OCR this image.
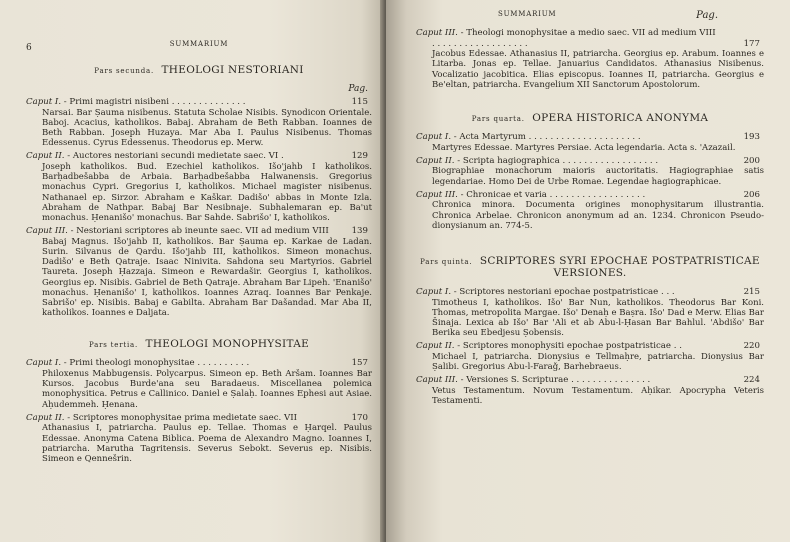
6	SUMMARIUM
Pars secunda. THEOLOGI NESTORIANI
Pag.
Caput I. - Primi magistri nisibeni . . . . . . . . . . . . . .	115
Narsai. Bar Ṣauma nisibenus. Statuta Scholae Nisibis. Synodicon Orientale. Baboj. Acacius, katholikos. Babaj. Abraham de Beth Rabban. Ioannes de Beth Rabban. Joseph Huzaya. Mar Aba I. Paulus Nisibenus. Thomas Edessenus. Cyrus Edessenus. Theodorus ep. Merw.
Caput II. - Auctores nestoriani secundi medietate saec. VI .	129
Joseph katholikos. Bud. Ezechiel katholikos. Išo'jahb I katholikos. Barḥadbešabba de Arbaia. Barḥadbešabba Halwanensis. Gregorius monachus Cypri. Gregorius I, katholikos. Michael magister nisibenus. Nathanael ep. Sirzor. Abraham e Kaškar. Dadišo' abbas in Monte Izla. Abraham de Nathpar. Babaj Bar Nesibnaje. Subhalemaran ep. Ba'ut monachus. Ḥenanišo' monachus. Bar Sahde. Sabrišo' I, katholikos.
Caput III. - Nestoriani scriptores ab ineunte saec. VII ad medium VIII	139
Babaj Magnus. Išo'jahb II, katholikos. Bar Ṣauma ep. Karkae de Ladan. Surin. Silvanus de Qardu. Išo'jahb III, katholikos. Simeon monachus. Dadišo' e Beth Qatraje. Isaac Ninivita. Sahdona seu Martyrios. Gabriel Taureta. Joseph Ḥazzaja. Simeon e Rewardašir. Georgius I, katholikos. Georgius ep. Nisibis. Gabriel de Beth Qatraje. Abraham Bar Lipeh. 'Enanišo' monachus. Ḥenanišo' I, katholikos. Ioannes Azraq. Ioannes Bar Penkaje. Sabrišo' ep. Nisibis. Babaj e Gabilta. Abraham Bar Dašandad. Mar Aba II, katholikos. Ioannes e Daljata.
Pars tertia. THEOLOGI MONOPHYSITAE
Caput I. - Primi theologi monophysitae . . . . . . . . . .	157
Philoxenus Mabbugensis. Polycarpus. Simeon ep. Beth Aršam. Ioannes Bar Kursos. Jacobus Burde'ana seu Baradaeus. Miscellanea polemica monophysitica. Petrus e Callinico. Daniel e Ṣalaḥ. Ioannes Ephesi aut Asiae. Aḥudemmeh. Ḥenana.
Caput II. - Scriptores monophysitae prima medietate saec. VII	170
Athanasius I, patriarcha. Paulus ep. Tellae. Thomas e Ḥarqel. Paulus Edessae. Anonyma Catena Biblica. Poema de Alexandro Magno. Ioannes I, patriarcha. Marutha Tagritensis. Severus Sebokt. Severus ep. Nisibis. Simeon e Qennešrin.
SUMMARIUM	Pag.
Caput III. - Theologi monophysitae a medio saec. VII ad medium VIII
. . . . . . . . . . . . . . . . . .	177
Jacobus Edessae. Athanasius II, patriarcha. Georgius ep. Arabum. Ioannes e Litarba. Jonas ep. Tellae. Januarius Candidatos. Athanasius Nisibenus. Vocalizatio jacobitica. Elias episcopus. Ioannes II, patriarcha. Georgius e Be'eltan, patriarcha. Evangelium XII Sanctorum Apostolorum.
Pars quarta. OPERA HISTORICA ANONYMA
Caput I. - Acta Martyrum . . . . . . . . . . . . . . . . . . . . .	193
Martyres Edessae. Martyres Persiae. Acta legendaria. Acta s. 'Azazail.
Caput II. - Scripta hagiographica . . . . . . . . . . . . . . . . . .	200
Biographiae monachorum maioris auctoritatis. Hagiographiae satis legendariae. Homo Dei de Urbe Romae. Legendae hagiographicae.
Caput III. - Chronicae et varia . . . . . . . . . . . . . . . . . .	206
Chronica minora. Documenta origines monophysitarum illustrantia. Chronica Arbelae. Chronicon anonymum ad an. 1234. Chronicon Pseudo-dionysianum an. 774-5.
Pars quinta. SCRIPTORES SYRI EPOCHAE POSTPATRISTICAE VERSIONES.
Caput I. - Scriptores nestoriani epochae postpatristicae . . .	215
Timotheus I, katholikos. Išo' Bar Nun, katholikos. Theodorus Bar Koni. Thomas, metropolita Margae. Išo' Denaḥ e Baṣra. Išo' Dad e Merw. Elias Bar Šinaja. Lexica ab Išo' Bar 'Ali et ab Abu-l-Ḥasan Bar Bahlul. 'Abdišo' Bar Berika seu Ebedjesu Ṣobensis.
Caput II. - Scriptores monophysiti epochae postpatristicae . .	220
Michael I, patriarcha. Dionysius e Tellmaḥre, patriarcha. Dionysius Bar Ṣalibi. Gregorius Abu-l-Faraǧ, Barhebraeus.
Caput III. - Versiones S. Scripturae . . . . . . . . . . . . . . .	224
Vetus Testamentum. Novum Testamentum. Aḥikar. Apocrypha Veteris Testamenti.
